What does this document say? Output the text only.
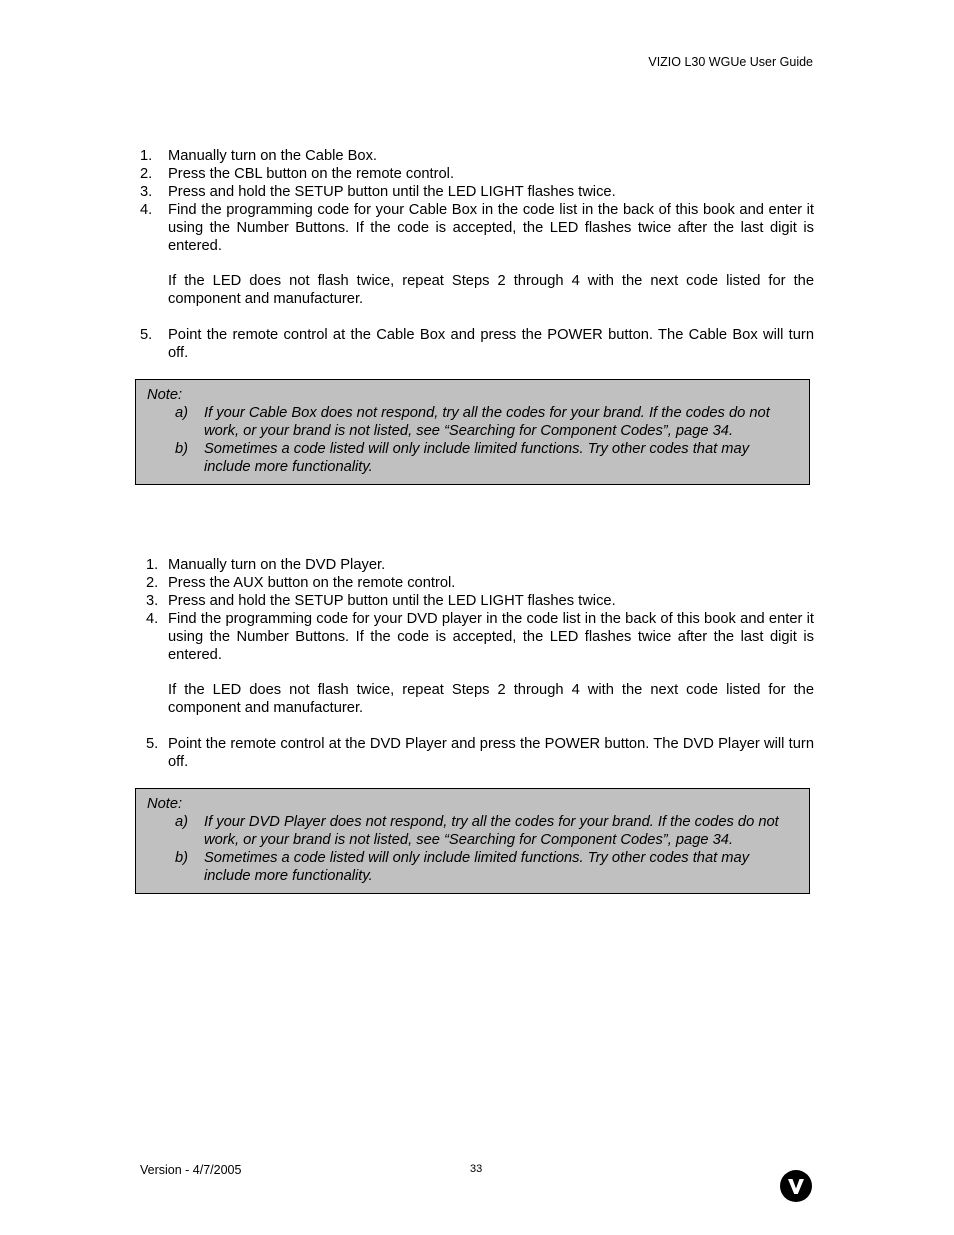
VIZIO L30 WGUe User Guide
1. Manually turn on the Cable Box.
2. Press the CBL button on the remote control.
3. Press and hold the SETUP button until the LED LIGHT flashes twice.
4. Find the programming code for your Cable Box in the code list in the back of this book and enter it using the Number Buttons. If the code is accepted, the LED flashes twice after the last digit is entered.

If the LED does not flash twice, repeat Steps 2 through 4 with the next code listed for the component and manufacturer.

5. Point the remote control at the Cable Box and press the POWER button. The Cable Box will turn off.
Note:
a) If your Cable Box does not respond, try all the codes for your brand. If the codes do not work, or your brand is not listed, see “Searching for Component Codes”, page 34.
b) Sometimes a code listed will only include limited functions. Try other codes that may include more functionality.
1. Manually turn on the DVD Player.
2. Press the AUX button on the remote control.
3. Press and hold the SETUP button until the LED LIGHT flashes twice.
4. Find the programming code for your DVD player in the code list in the back of this book and enter it using the Number Buttons. If the code is accepted, the LED flashes twice after the last digit is entered.

If the LED does not flash twice, repeat Steps 2 through 4 with the next code listed for the component and manufacturer.

5. Point the remote control at the DVD Player and press the POWER button. The DVD Player will turn off.
Note:
a) If your DVD Player does not respond, try all the codes for your brand. If the codes do not work, or your brand is not listed, see “Searching for Component Codes”, page 34.
b) Sometimes a code listed will only include limited functions. Try other codes that may include more functionality.
Version - 4/7/2005	33
